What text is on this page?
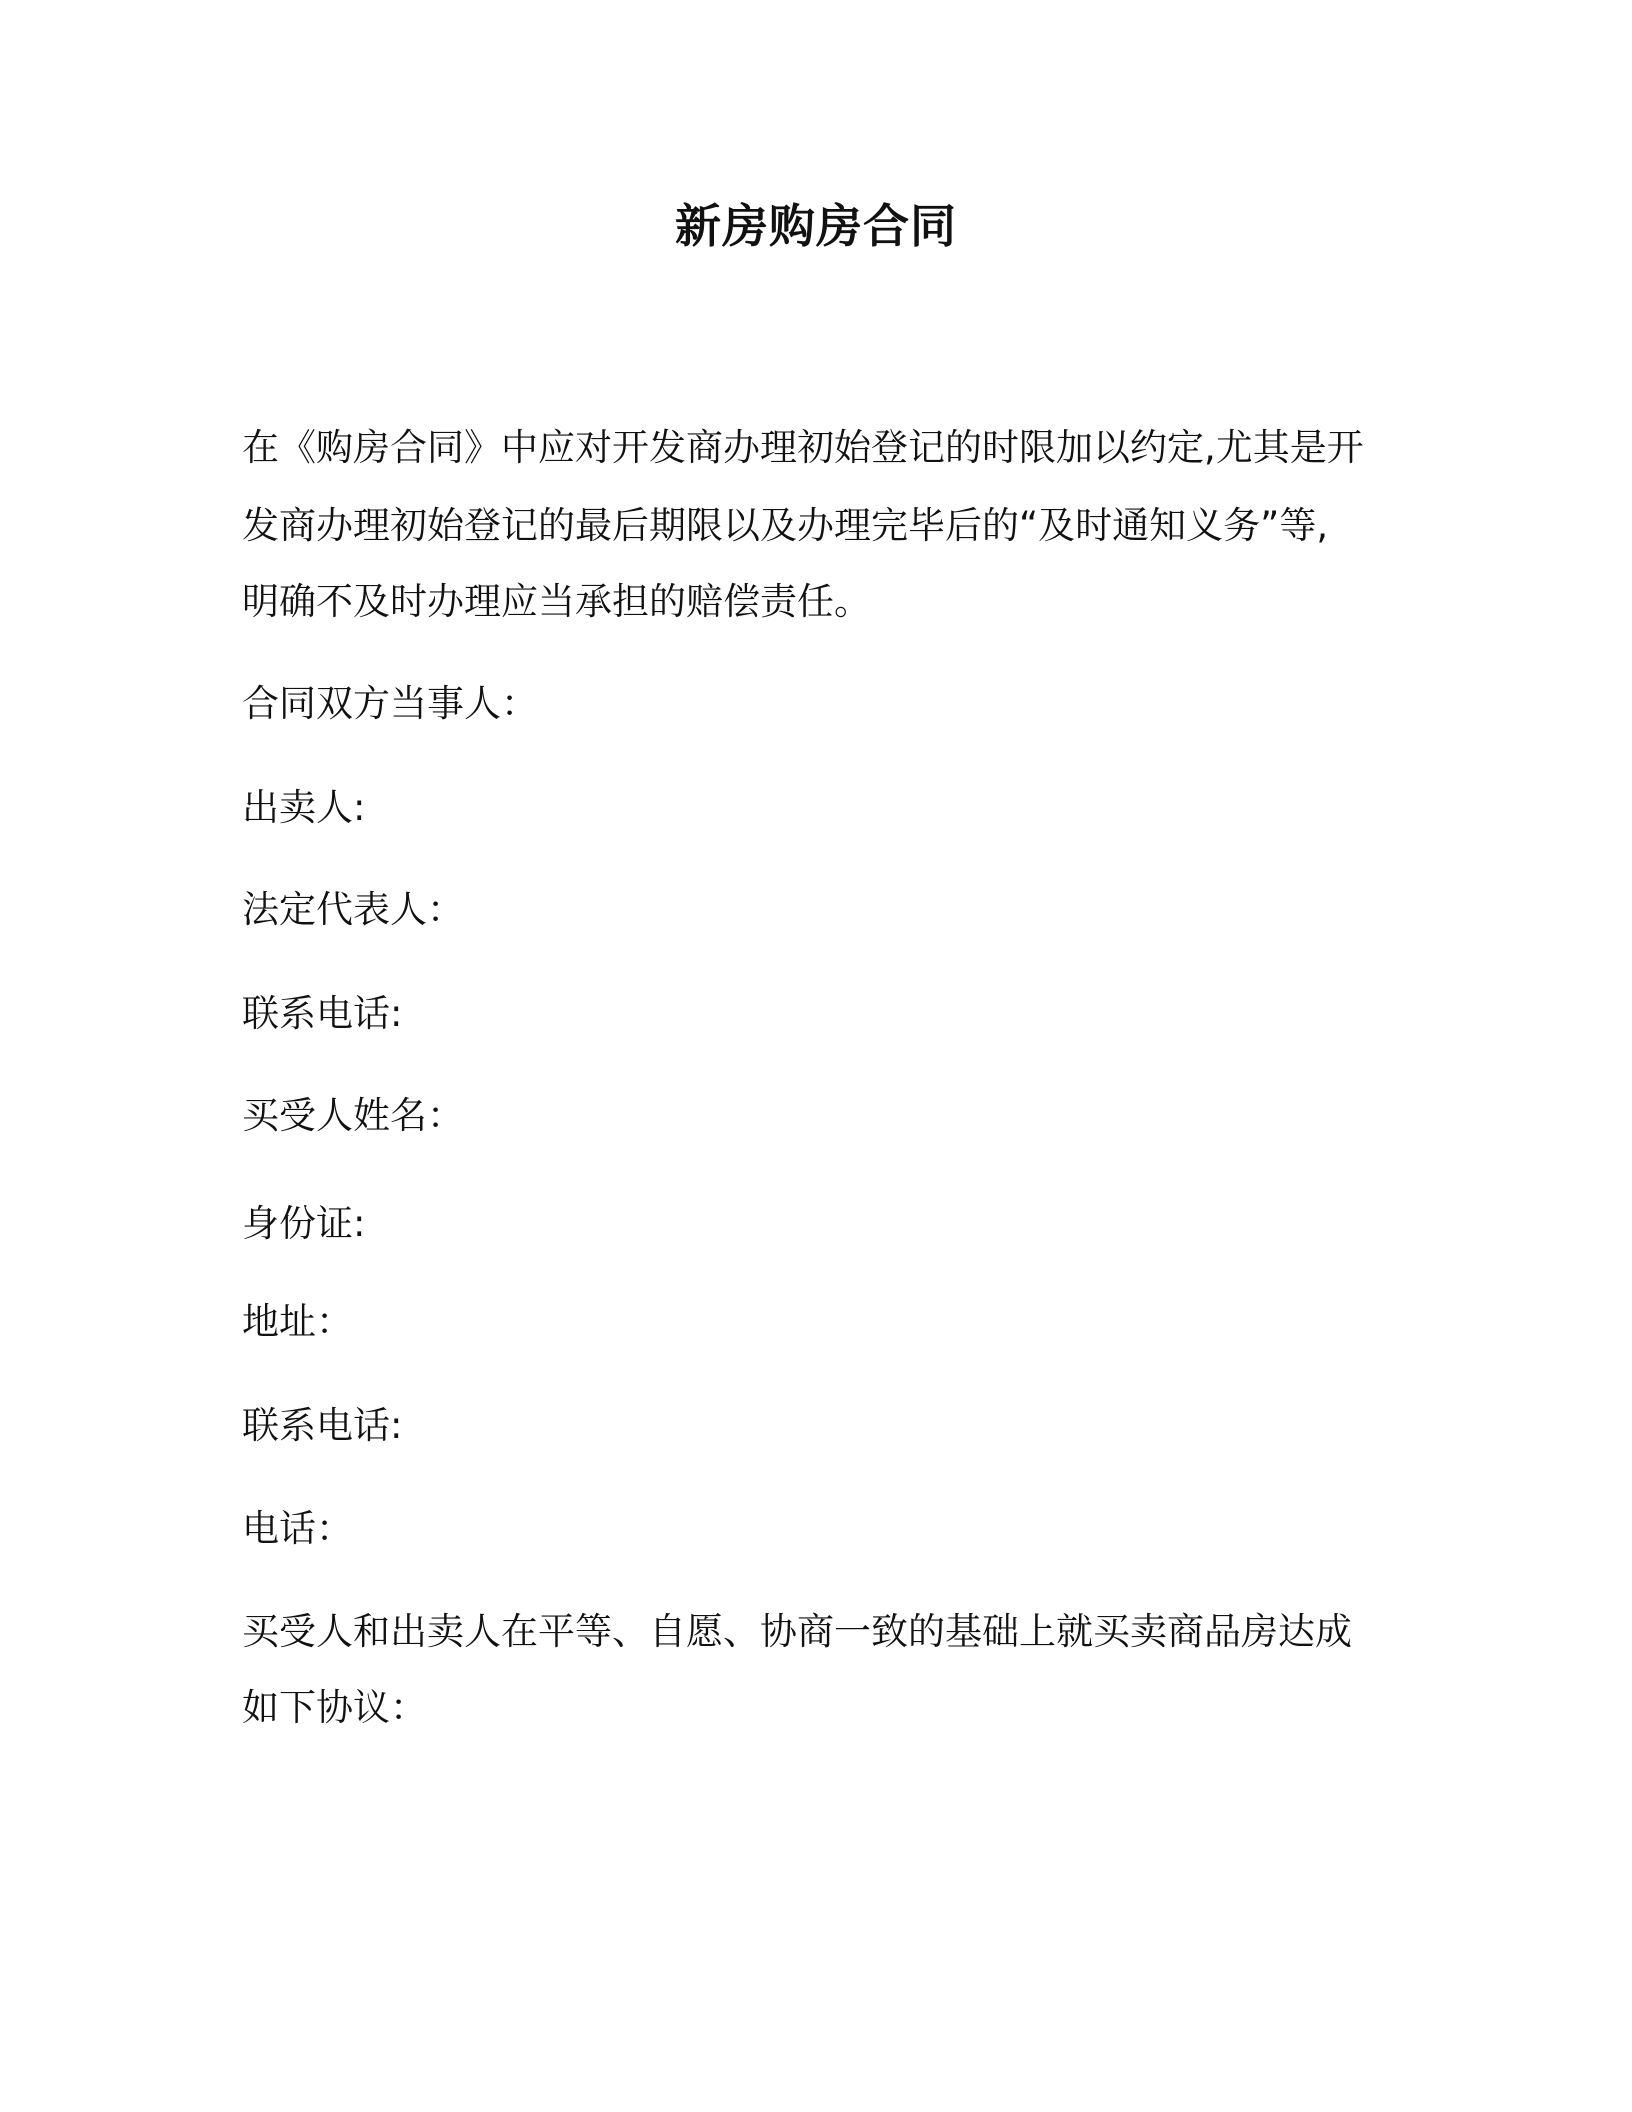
新房购房合同
在《购房合同》中应对开发商办理初始登记的时限加以约定,尤其是开
发商办理初始登记的最后期限以及办理完毕后的“及时通知义务”等,
明确不及时办理应当承担的赔偿责任。
合同双方当事人：
出卖人:
法定代表人：
联系电话:
买受人姓名：
身份证:
地址：
联系电话:
电话：
买受人和出卖人在平等、自愿、协商一致的基础上就买卖商品房达成
如下协议：
